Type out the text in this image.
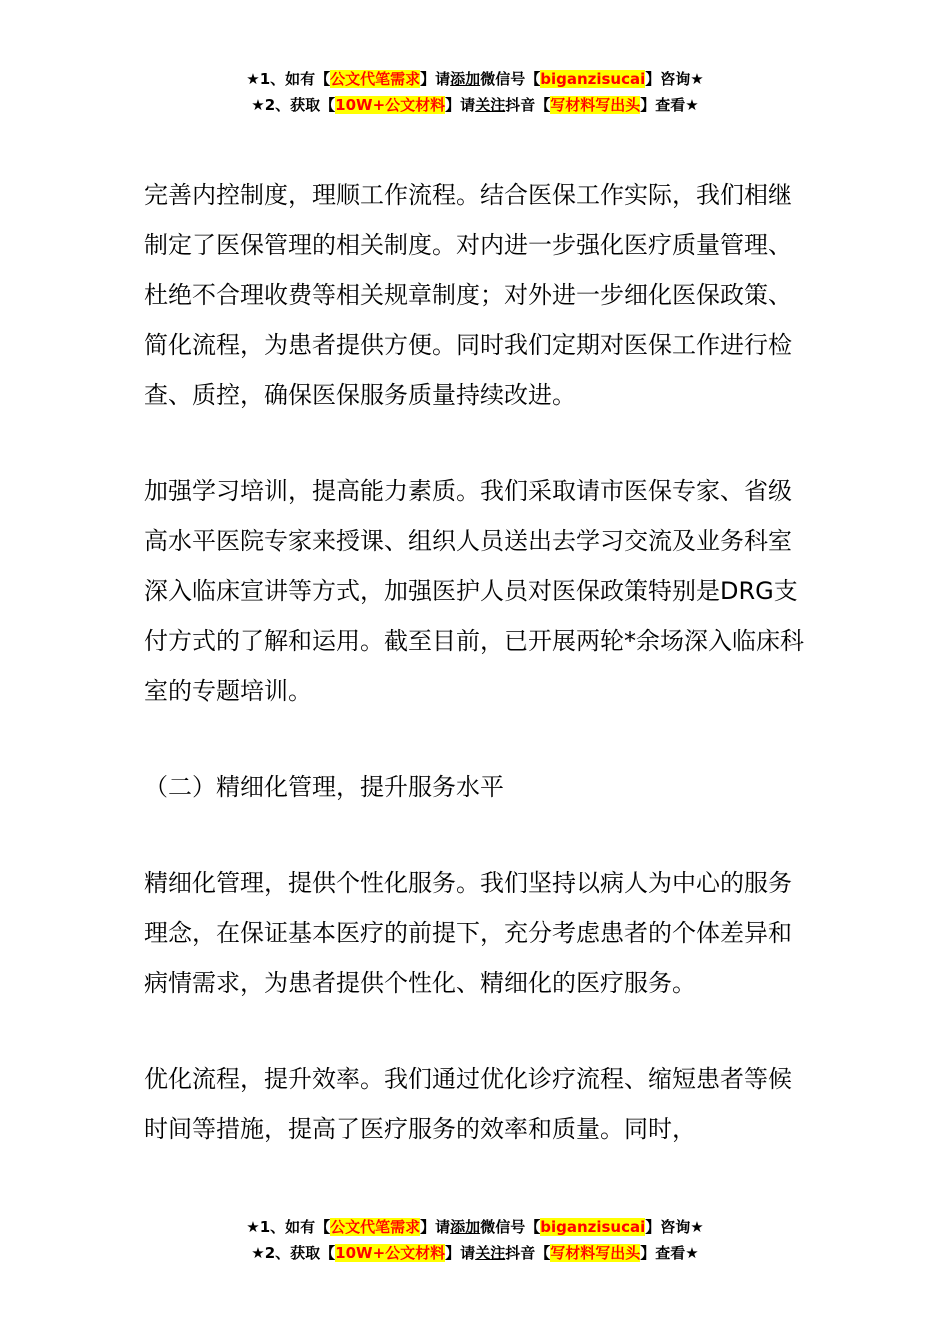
★1、如有【公文代笔需求】请添加微信号【biganzisucai】咨询★
★2、获取【10W+公文材料】请关注抖音【写材料写出头】查看★

完善内控制度，理顺工作流程。结合医保工作实际，我们相继制定了医保管理的相关制度。对内进一步强化医疗质量管理、杜绝不合理收费等相关规章制度；对外进一步细化医保政策、简化流程，为患者提供方便。同时我们定期对医保工作进行检查、质控，确保医保服务质量持续改进。

加强学习培训，提高能力素质。我们采取请市医保专家、省级高水平医院专家来授课、组织人员送出去学习交流及业务科室深入临床宣讲等方式，加强医护人员对医保政策特别是DRG支付方式的了解和运用。截至目前，已开展两轮*余场深入临床科室的专题培训。

（二）精细化管理，提升服务水平

精细化管理，提供个性化服务。我们坚持以病人为中心的服务理念，在保证基本医疗的前提下，充分考虑患者的个体差异和病情需求，为患者提供个性化、精细化的医疗服务。

优化流程，提升效率。我们通过优化诊疗流程、缩短患者等候时间等措施，提高了医疗服务的效率和质量。同时，

★1、如有【公文代笔需求】请添加微信号【biganzisucai】咨询★
★2、获取【10W+公文材料】请关注抖音【写材料写出头】查看★
